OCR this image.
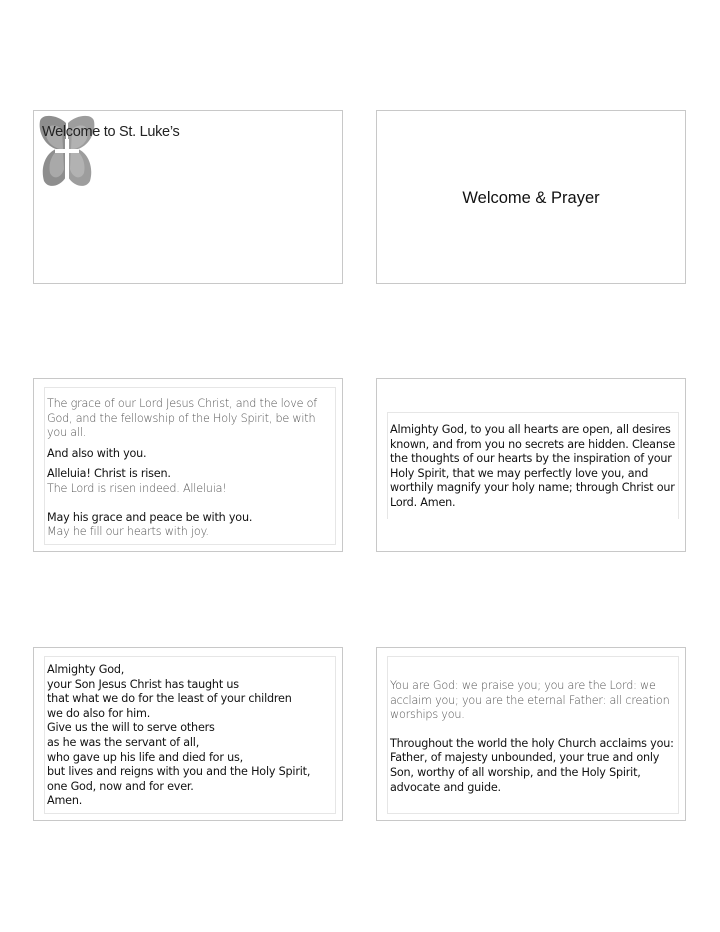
Welcome to St. Luke’s
Welcome & Prayer
The grace of our Lord Jesus Christ, and the love of God, and the fellowship of the Holy Spirit, be with you all.
And also with you.
Alleluia! Christ is risen.
The Lord is risen indeed. Alleluia!
May his grace and peace be with you.
May he fill our hearts with joy.
Almighty God, to you all hearts are open, all desires known, and from you no secrets are hidden. Cleanse the thoughts of our hearts by the inspiration of your Holy Spirit, that we may perfectly love you, and worthily magnify your holy name; through Christ our Lord. Amen.
Almighty God,
your Son Jesus Christ has taught us
that what we do for the least of your children
we do also for him.
Give us the will to serve others
as he was the servant of all,
who gave up his life and died for us,
but lives and reigns with you and the Holy Spirit,
one God, now and for ever.
Amen.
You are God: we praise you; you are the Lord: we acclaim you; you are the eternal Father: all creation worships you.
Throughout the world the holy Church acclaims you: Father, of majesty unbounded, your true and only Son, worthy of all worship, and the Holy Spirit, advocate and guide.
